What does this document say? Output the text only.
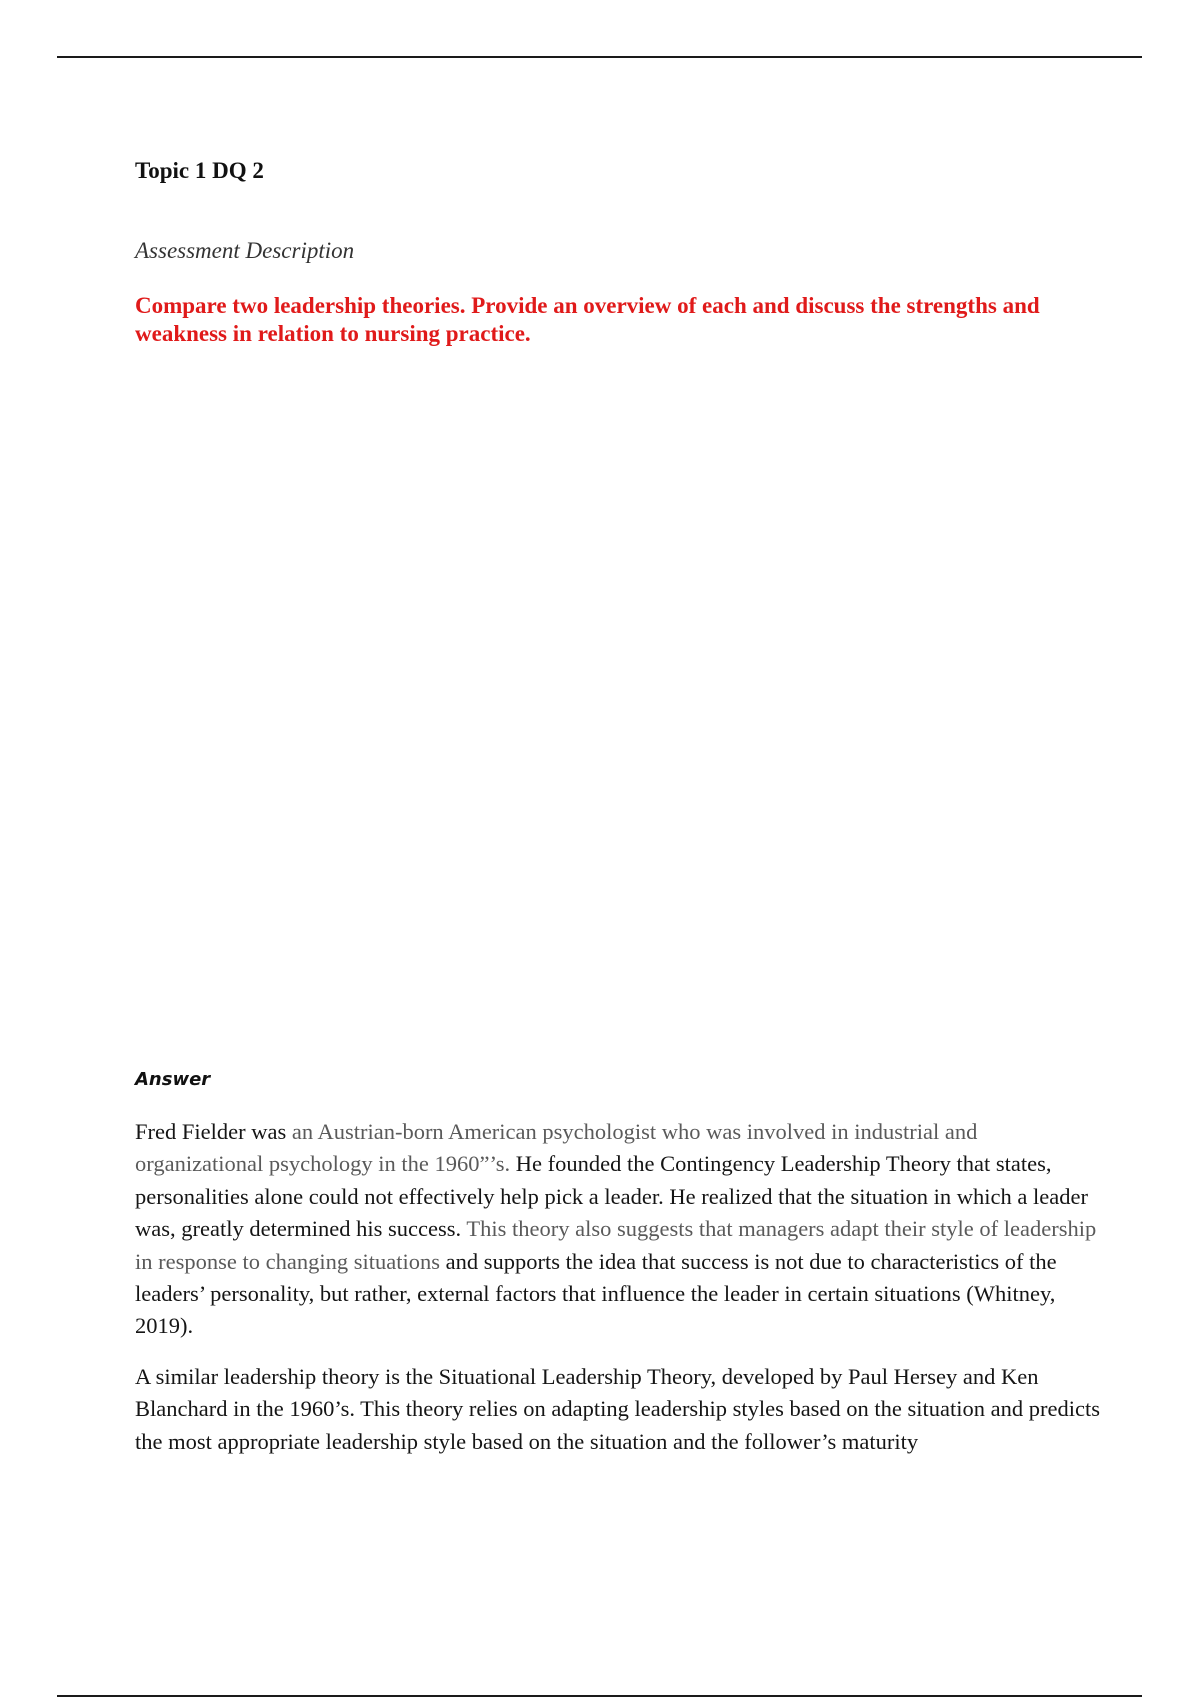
Topic 1 DQ 2

Assessment Description

Compare two leadership theories. Provide an overview of each and discuss the strengths and weakness in relation to nursing practice.

Answer

Fred Fielder was an Austrian-born American psychologist who was involved in industrial and organizational psychology in the 1960”’s. He founded the Contingency Leadership Theory that states, personalities alone could not effectively help pick a leader. He realized that the situation in which a leader was, greatly determined his success. This theory also suggests that managers adapt their style of leadership in response to changing situations and supports the idea that success is not due to characteristics of the leaders’ personality, but rather, external factors that influence the leader in certain situations (Whitney, 2019).

A similar leadership theory is the Situational Leadership Theory, developed by Paul Hersey and Ken Blanchard in the 1960’s. This theory relies on adapting leadership styles based on the situation and predicts the most appropriate leadership style based on the situation and the follower’s maturity
